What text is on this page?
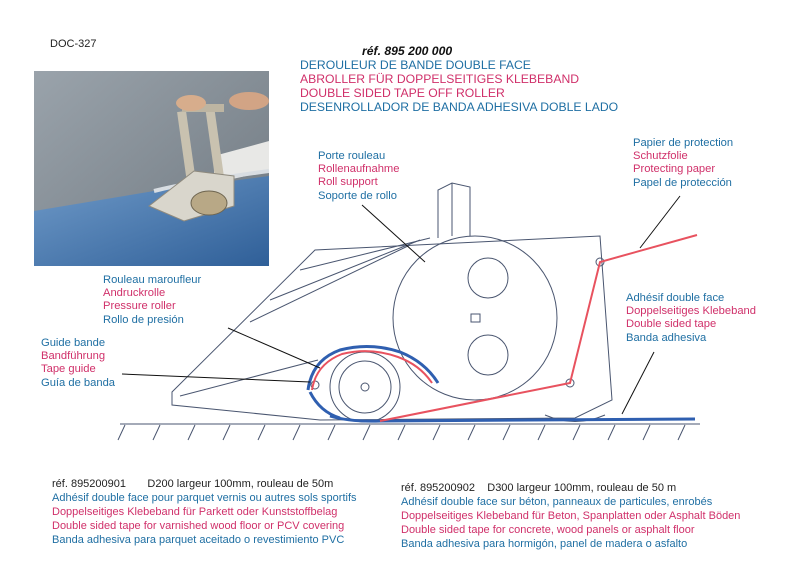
DOC-327	réf. 895 200 000
DEROULEUR DE BANDE DOUBLE FACE
ABROLLER FÜR DOPPELSEITIGES KLEBEBAND
DOUBLE SIDED TAPE OFF ROLLER
DESENROLLADOR DE BANDA ADHESIVA DOBLE LADO
Porte rouleau
Rollenaufnahme
Roll support
Soporte de rollo
Papier de protection
Schutzfolie
Protecting paper
Papel de protección
Rouleau maroufleur
Andruckrolle
Pressure roller
Rollo de presión
Adhésif double face
Doppelseitiges Klebeband
Double sided tape
Banda adhesiva
Guide bande
Bandführung
Tape guide
Guía de banda
réf. 895200901 D200 largeur 100mm, rouleau de 50m
Adhésif double face pour parquet vernis ou autres sols sportifs
Doppelseitiges Klebeband für Parkett oder Kunststoffbelag
Double sided tape for varnished wood floor or PCV covering
Banda adhesiva para parquet aceitado o revestimiento PVC
réf. 895200902 D300 largeur 100mm, rouleau de 50 m
Adhésif double face sur béton, panneaux de particules, enrobés
Doppelseitiges Klebeband für Beton, Spanplatten oder Asphalt Böden
Double sided tape for concrete, wood panels or asphalt floor
Banda adhesiva para hormigón, panel de madera o asfalto
